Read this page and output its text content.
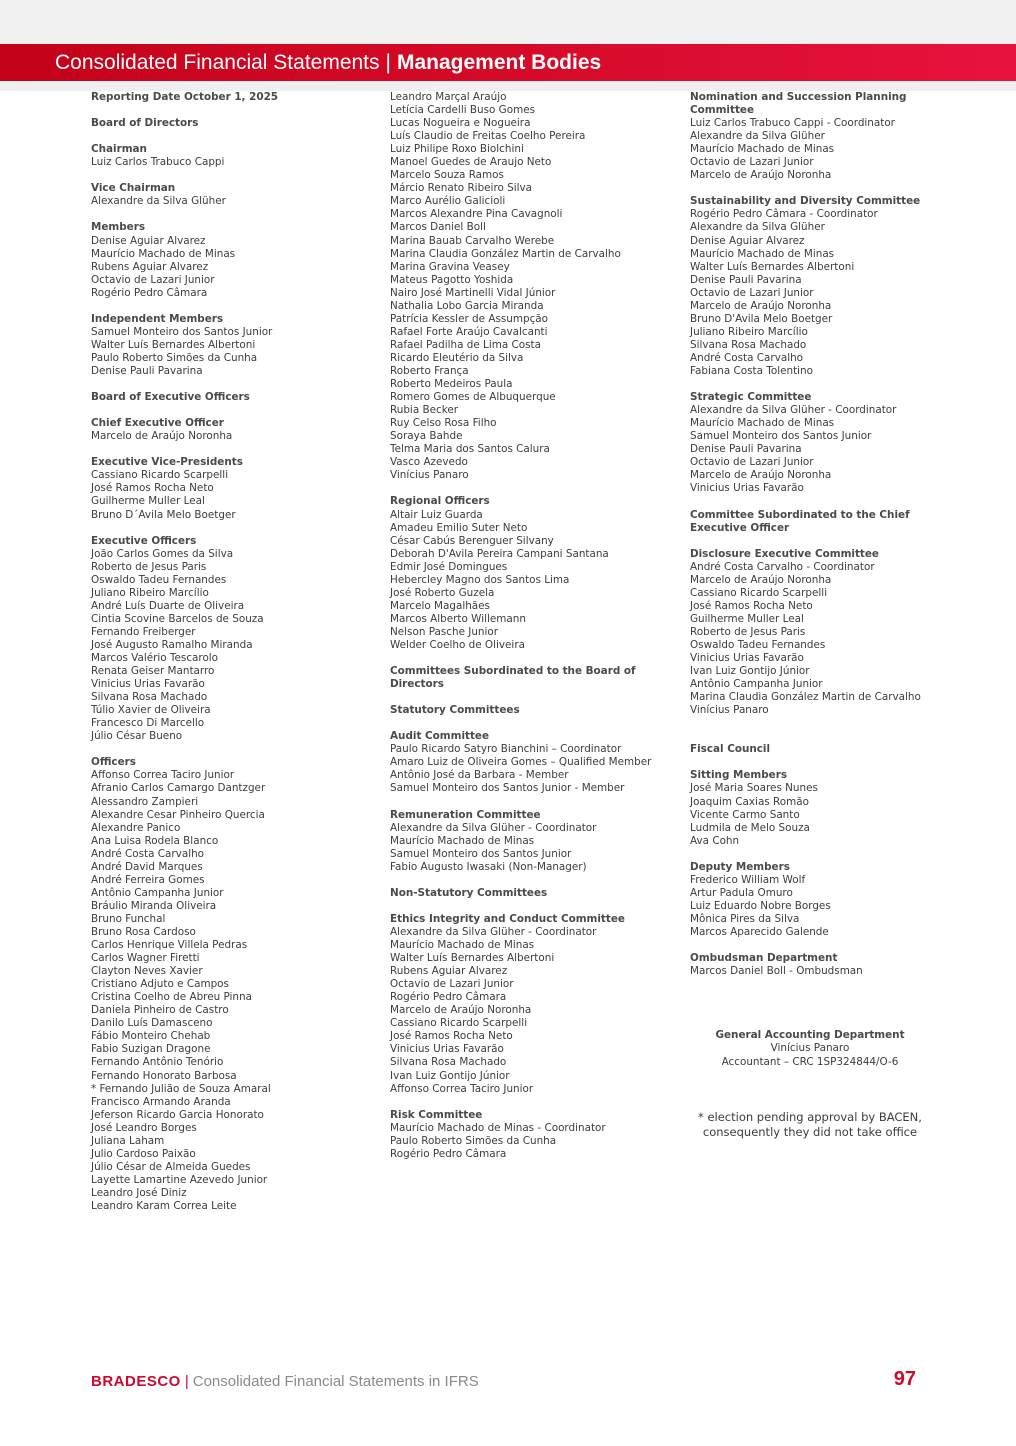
Consolidated Financial Statements | Management Bodies
Reporting Date October 1, 2025
Board of Directors
Chairman
Luiz Carlos Trabuco Cappi
Vice Chairman
Alexandre da Silva Glüher
Members
Denise Aguiar Alvarez
Maurício Machado de Minas
Rubens Aguiar Alvarez
Octavio de Lazari Junior
Rogério Pedro Câmara
Independent Members
Samuel Monteiro dos Santos Junior
Walter Luís Bernardes Albertoni
Paulo Roberto Simões da Cunha
Denise Pauli Pavarina
Board of Executive Officers
Chief Executive Officer
Marcelo de Araújo Noronha
Executive Vice-Presidents
Cassiano Ricardo Scarpelli
José Ramos Rocha Neto
Guilherme Muller Leal
Bruno D´Avila Melo Boetger
Executive Officers
João Carlos Gomes da Silva
Roberto de Jesus Paris
Oswaldo Tadeu Fernandes
Juliano Ribeiro Marcílio
André Luís Duarte de Oliveira
Cintia Scovine Barcelos de Souza
Fernando Freiberger
José Augusto Ramalho Miranda
Marcos Valério Tescarolo
Renata Geiser Mantarro
Vinicius Urias Favarão
Silvana Rosa Machado
Túlio Xavier de Oliveira
Francesco Di Marcello
Júlio César Bueno
Officers
Affonso Correa Taciro Junior
Afranio Carlos Camargo Dantzger
Alessandro Zampieri
Alexandre Cesar Pinheiro Quercia
Alexandre Panico
Ana Luisa Rodela Blanco
André Costa Carvalho
André David Marques
André Ferreira Gomes
Antônio Campanha Junior
Bráulio Miranda Oliveira
Bruno Funchal
Bruno Rosa Cardoso
Carlos Henrique Villela Pedras
Carlos Wagner Firetti
Clayton Neves Xavier
Cristiano Adjuto e Campos
Cristina Coelho de Abreu Pinna
Daniela Pinheiro de Castro
Danilo Luís Damasceno
Fábio Monteiro Chehab
Fabio Suzigan Dragone
Fernando Antônio Tenório
Fernando Honorato Barbosa
* Fernando Julião de Souza Amaral
Francisco Armando Aranda
Jeferson Ricardo Garcia Honorato
José Leandro Borges
Juliana Laham
Julio Cardoso Paixão
Júlio César de Almeida Guedes
Layette Lamartine Azevedo Junior
Leandro José Diniz
Leandro Karam Correa Leite
Leandro Marçal Araújo
Letícia Cardelli Buso Gomes
Lucas Nogueira e Nogueira
Luís Claudio de Freitas Coelho Pereira
Luiz Philipe Roxo Biolchini
Manoel Guedes de Araujo Neto
Marcelo Souza Ramos
Márcio Renato Ribeiro Silva
Marco Aurélio Galicioli
Marcos Alexandre Pina Cavagnoli
Marcos Daniel Boll
Marina Bauab Carvalho Werebe
Marina Claudia González Martin de Carvalho
Marina Gravina Veasey
Mateus Pagotto Yoshida
Nairo José Martinelli Vidal Júnior
Nathalia Lobo Garcia Miranda
Patrícia Kessler de Assumpção
Rafael Forte Araújo Cavalcanti
Rafael Padilha de Lima Costa
Ricardo Eleutério da Silva
Roberto França
Roberto Medeiros Paula
Romero Gomes de Albuquerque
Rubia Becker
Ruy Celso Rosa Filho
Soraya Bahde
Telma Maria dos Santos Calura
Vasco Azevedo
Vinícius Panaro
Regional Officers
Altair Luiz Guarda
Amadeu Emilio Suter Neto
César Cabús Berenguer Silvany
Deborah D'Avila Pereira Campani Santana
Edmir José Domingues
Hebercley Magno dos Santos Lima
José Roberto Guzela
Marcelo Magalhães
Marcos Alberto Willemann
Nelson Pasche Junior
Welder Coelho de Oliveira
Committees Subordinated to the Board of Directors
Statutory Committees
Audit Committee
Paulo Ricardo Satyro Bianchini – Coordinator
Amaro Luiz de Oliveira Gomes – Qualified Member
Antônio José da Barbara - Member
Samuel Monteiro dos Santos Junior - Member
Remuneration Committee
Alexandre da Silva Glüher - Coordinator
Maurício Machado de Minas
Samuel Monteiro dos Santos Junior
Fabio Augusto Iwasaki (Non-Manager)
Non-Statutory Committees
Ethics Integrity and Conduct Committee
Alexandre da Silva Glüher - Coordinator
Maurício Machado de Minas
Walter Luís Bernardes Albertoni
Rubens Aguiar Alvarez
Octavio de Lazari Junior
Rogério Pedro Câmara
Marcelo de Araújo Noronha
Cassiano Ricardo Scarpelli
José Ramos Rocha Neto
Vinicius Urias Favarão
Silvana Rosa Machado
Ivan Luiz Gontijo Júnior
Affonso Correa Taciro Junior
Risk Committee
Maurício Machado de Minas - Coordinator
Paulo Roberto Simões da Cunha
Rogério Pedro Câmara
Nomination and Succession Planning Committee
Luiz Carlos Trabuco Cappi - Coordinator
Alexandre da Silva Glüher
Maurício Machado de Minas
Octavio de Lazari Junior
Marcelo de Araújo Noronha
Sustainability and Diversity Committee
Rogério Pedro Câmara - Coordinator
Alexandre da Silva Glüher
Denise Aguiar Alvarez
Maurício Machado de Minas
Walter Luís Bernardes Albertoni
Denise Pauli Pavarina
Octavio de Lazari Junior
Marcelo de Araújo Noronha
Bruno D'Avila Melo Boetger
Juliano Ribeiro Marcílio
Silvana Rosa Machado
André Costa Carvalho
Fabiana Costa Tolentino
Strategic Committee
Alexandre da Silva Glüher - Coordinator
Maurício Machado de Minas
Samuel Monteiro dos Santos Junior
Denise Pauli Pavarina
Octavio de Lazari Junior
Marcelo de Araújo Noronha
Vinicius Urias Favarão
Committee Subordinated to the Chief Executive Officer
Disclosure Executive Committee
André Costa Carvalho - Coordinator
Marcelo de Araújo Noronha
Cassiano Ricardo Scarpelli
José Ramos Rocha Neto
Guilherme Muller Leal
Roberto de Jesus Paris
Oswaldo Tadeu Fernandes
Vinicius Urias Favarão
Ivan Luiz Gontijo Júnior
Antônio Campanha Junior
Marina Claudia González Martin de Carvalho
Vinícius Panaro
Fiscal Council
Sitting Members
José Maria Soares Nunes
Joaquim Caxias Romão
Vicente Carmo Santo
Ludmila de Melo Souza
Ava Cohn
Deputy Members
Frederico William Wolf
Artur Padula Omuro
Luiz Eduardo Nobre Borges
Mônica Pires da Silva
Marcos Aparecido Galende
Ombudsman Department
Marcos Daniel Boll - Ombudsman
General Accounting Department
Vinícius Panaro
Accountant – CRC 1SP324844/O-6
* election pending approval by BACEN, consequently they did not take office
BRADESCO | Consolidated Financial Statements in IFRS	97
